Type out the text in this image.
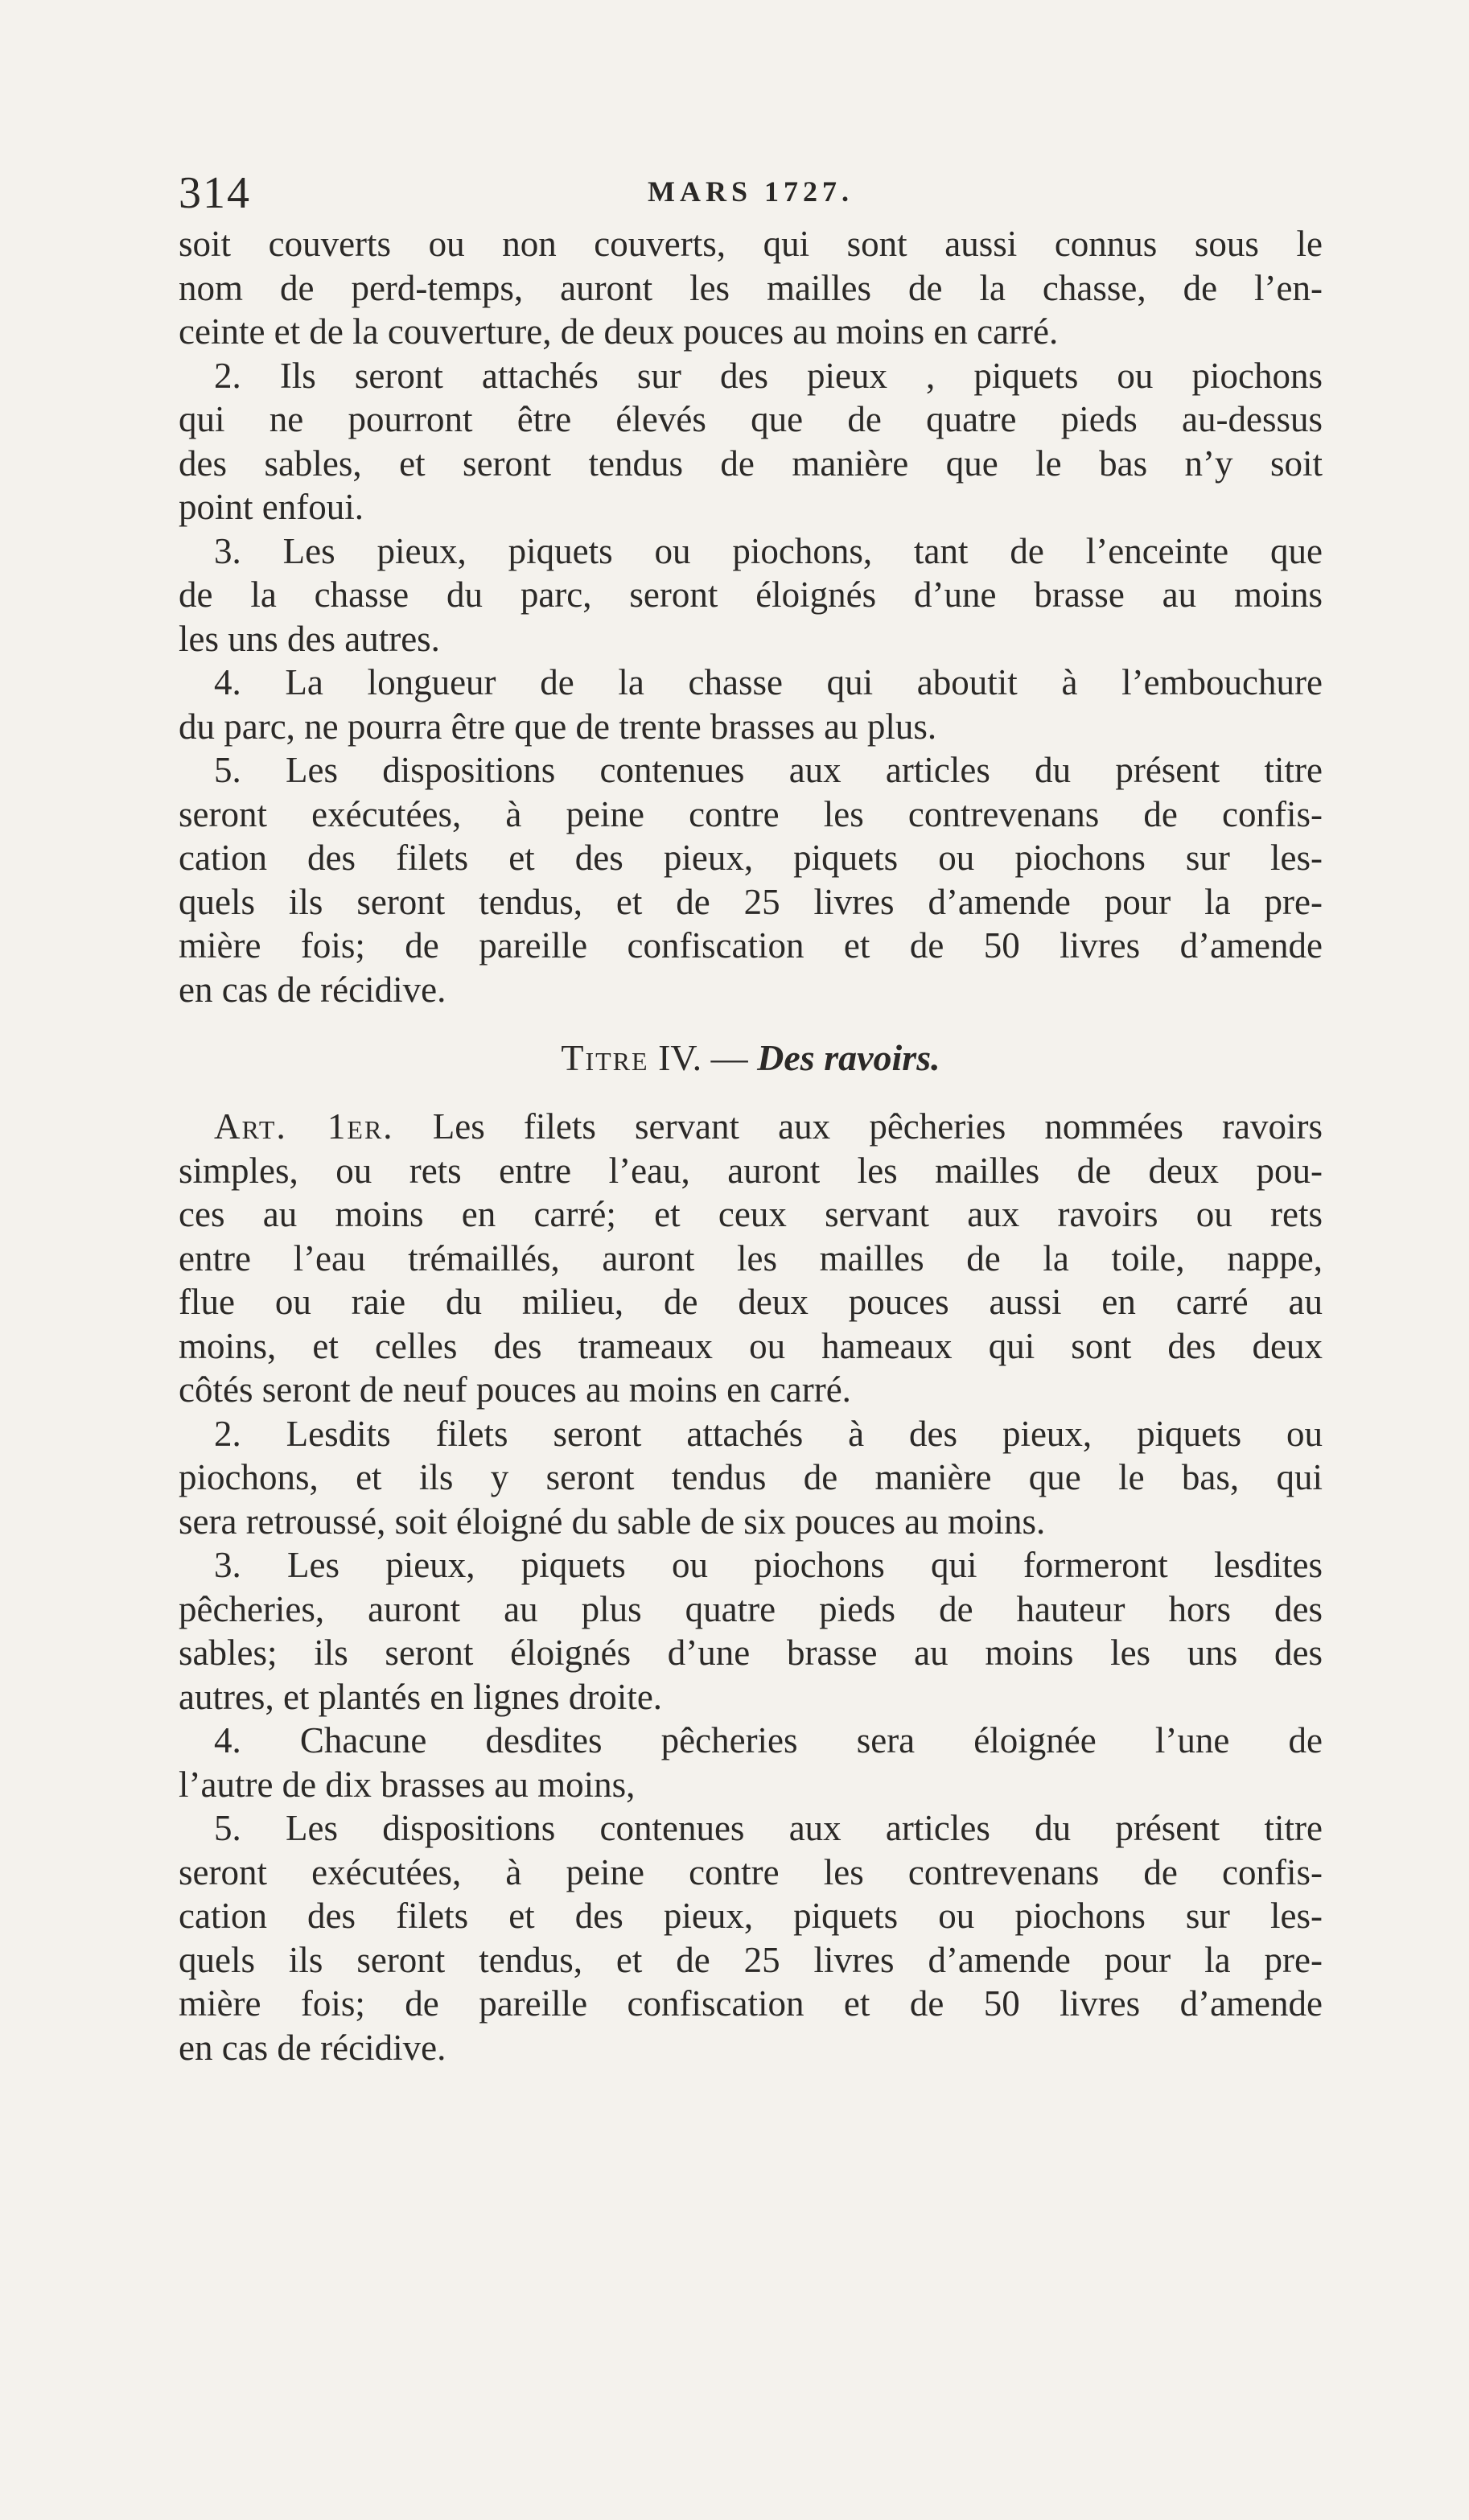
314	MARS 1727.
soit couverts ou non couverts, qui sont aussi connus sous le
nom de perd-temps, auront les mailles de la chasse, de l’en-
ceinte et de la couverture, de deux pouces au moins en carré.
2. Ils seront attachés sur des pieux , piquets ou piochons
qui ne pourront être élevés que de quatre pieds au-dessus
des sables, et seront tendus de manière que le bas n’y soit
point enfoui.
3. Les pieux, piquets ou piochons, tant de l’enceinte que
de la chasse du parc, seront éloignés d’une brasse au moins
les uns des autres.
4. La longueur de la chasse qui aboutit à l’embouchure
du parc, ne pourra être que de trente brasses au plus.
5. Les dispositions contenues aux articles du présent titre
seront exécutées, à peine contre les contrevenans de confis-
cation des filets et des pieux, piquets ou piochons sur les-
quels ils seront tendus, et de 25 livres d’amende pour la pre-
mière fois; de pareille confiscation et de 50 livres d’amende
en cas de récidive.
Titre IV. — Des ravoirs.
Art. 1er. Les filets servant aux pêcheries nommées ravoirs
simples, ou rets entre l’eau, auront les mailles de deux pou-
ces au moins en carré; et ceux servant aux ravoirs ou rets
entre l’eau trémaillés, auront les mailles de la toile, nappe,
flue ou raie du milieu, de deux pouces aussi en carré au
moins, et celles des trameaux ou hameaux qui sont des deux
côtés seront de neuf pouces au moins en carré.
2. Lesdits filets seront attachés à des pieux, piquets ou
piochons, et ils y seront tendus de manière que le bas, qui
sera retroussé, soit éloigné du sable de six pouces au moins.
3. Les pieux, piquets ou piochons qui formeront lesdites
pêcheries, auront au plus quatre pieds de hauteur hors des
sables; ils seront éloignés d’une brasse au moins les uns des
autres, et plantés en lignes droite.
4. Chacune desdites pêcheries sera éloignée l’une de
l’autre de dix brasses au moins,
5. Les dispositions contenues aux articles du présent titre
seront exécutées, à peine contre les contrevenans de confis-
cation des filets et des pieux, piquets ou piochons sur les-
quels ils seront tendus, et de 25 livres d’amende pour la pre-
mière fois; de pareille confiscation et de 50 livres d’amende
en cas de récidive.
